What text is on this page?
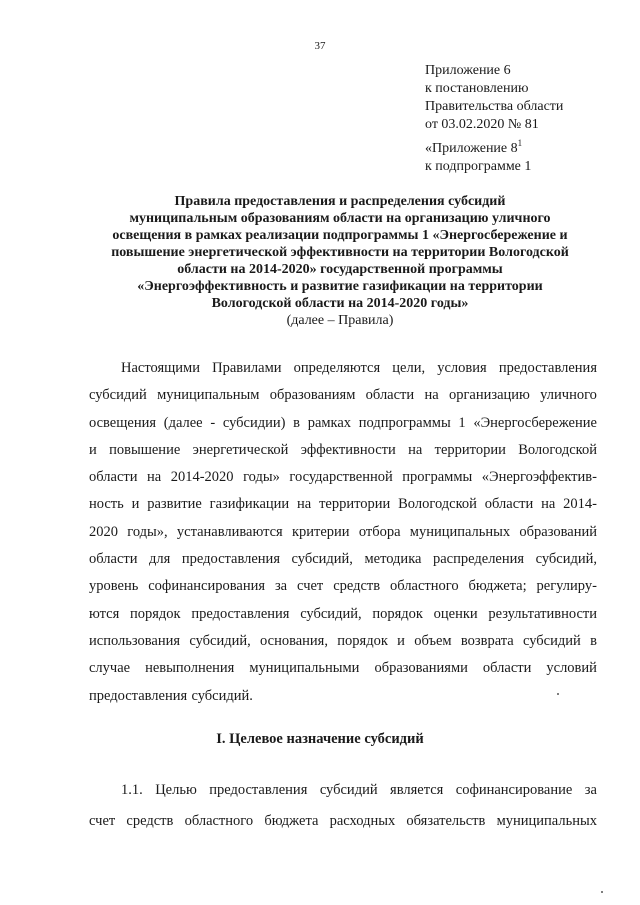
37
Приложение 6
к постановлению
Правительства области
от 03.02.2020 № 81
«Приложение $8^1$
к подпрограмме 1
Правила предоставления и распределения субсидий
муниципальным образованиям области на организацию уличного
освещения в рамках реализации подпрограммы 1 «Энергосбережение и
повышение энергетической эффективности на территории Вологодской
области на 2014-2020» государственной программы
«Энергоэффективность и развитие газификации на территории
Вологодской области на 2014-2020 годы»
(далее – Правила)
Настоящими Правилами определяются цели, условия предоставления
субсидий муниципальным образованиям области на организацию уличного
освещения (далее - субсидии) в рамках подпрограммы 1 «Энергосбережение
и повышение энергетической эффективности на территории Вологодской
области на 2014-2020 годы» государственной программы «Энергоэффектив-
ность и развитие газификации на территории Вологодской области на 2014-
2020 годы», устанавливаются критерии отбора муниципальных образований
области для предоставления субсидий, методика распределения субсидий,
уровень софинансирования за счет средств областного бюджета; регулиру-
ются порядок предоставления субсидий, порядок оценки результативности
использования субсидий, основания, порядок и объем возврата субсидий в
случае невыполнения муниципальными образованиями области условий
предоставления субсидий.
I. Целевое назначение субсидий
1.1. Целью предоставления субсидий является софинансирование за
счет средств областного бюджета расходных обязательств муниципальных
